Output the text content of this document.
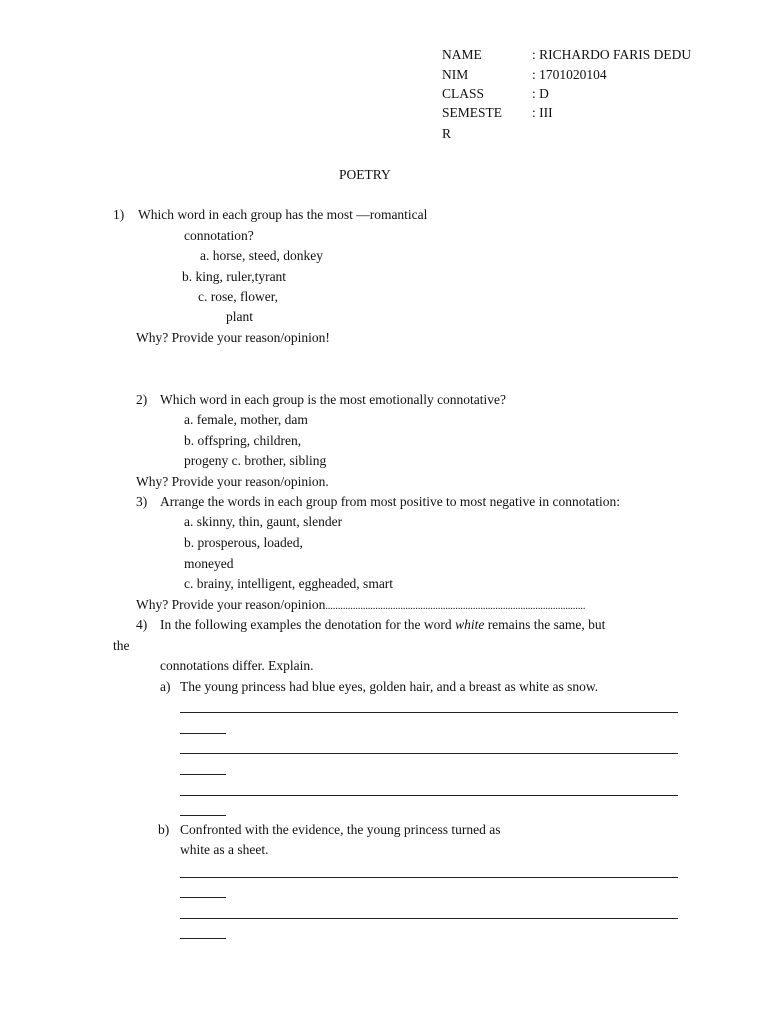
NAME	: RICHARDO FARIS DEDU
NIM	: 1701020104
CLASS	: D
SEMESTE : III
R
POETRY
1) Which word in each group has the most —romantical
connotation?
a. horse, steed, donkey
b. king, ruler,tyrant
c. rose, flower,
plant
Why? Provide your reason/opinion!
2) Which word in each group is the most emotionally connotative?
a. female, mother, dam
b. offspring, children,
progeny c. brother, sibling
Why? Provide your reason/opinion.
3) Arrange the words in each group from most positive to most negative in connotation:
a. skinny, thin, gaunt, slender
b. prosperous, loaded,
moneyed
c. brainy, intelligent, eggheaded, smart
Why? Provide your reason/opinion........................................................................................................
4) In the following examples the denotation for the word white remains the same, but
the
connotations differ. Explain.
a) The young princess had blue eyes, golden hair, and a breast as white as snow.
b) Confronted with the evidence, the young princess turned as
white as a sheet.
